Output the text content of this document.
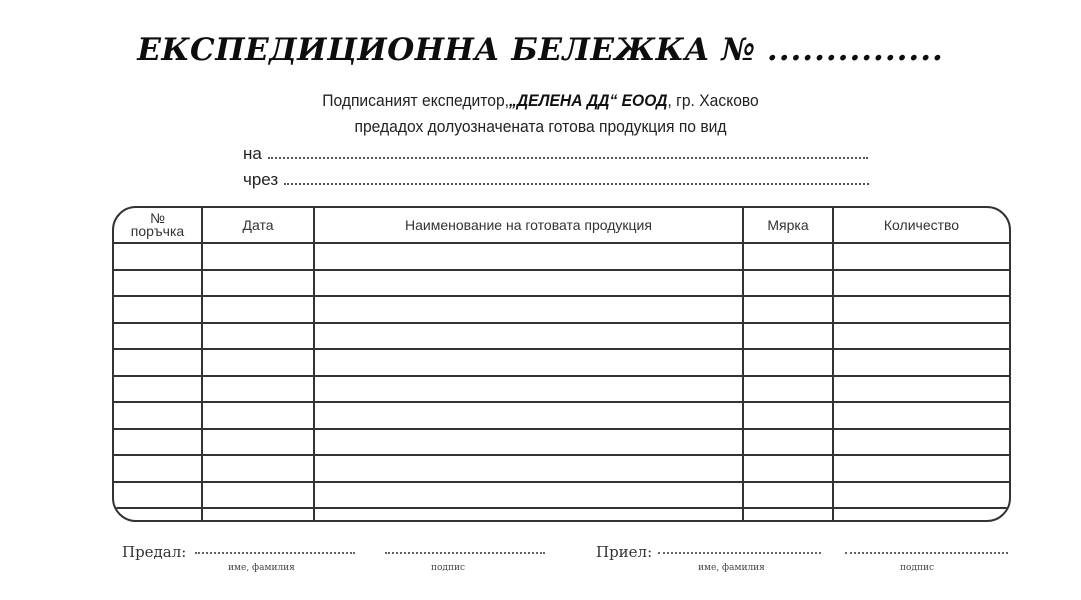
ЕКСПЕДИЦИОННА БЕЛЕЖКА № ...............
Подписаният експедитор,„ДЕЛЕНА ДД“ ЕООД, гр. Хасково
предадох долуозначената готова продукция по вид
на
чрез
№
поръчка	Дата	Наименование на готовата продукция	Мярка	Количество

Предал:
име, фамилия	подпис
Приел:
име, фамилия	подпис
